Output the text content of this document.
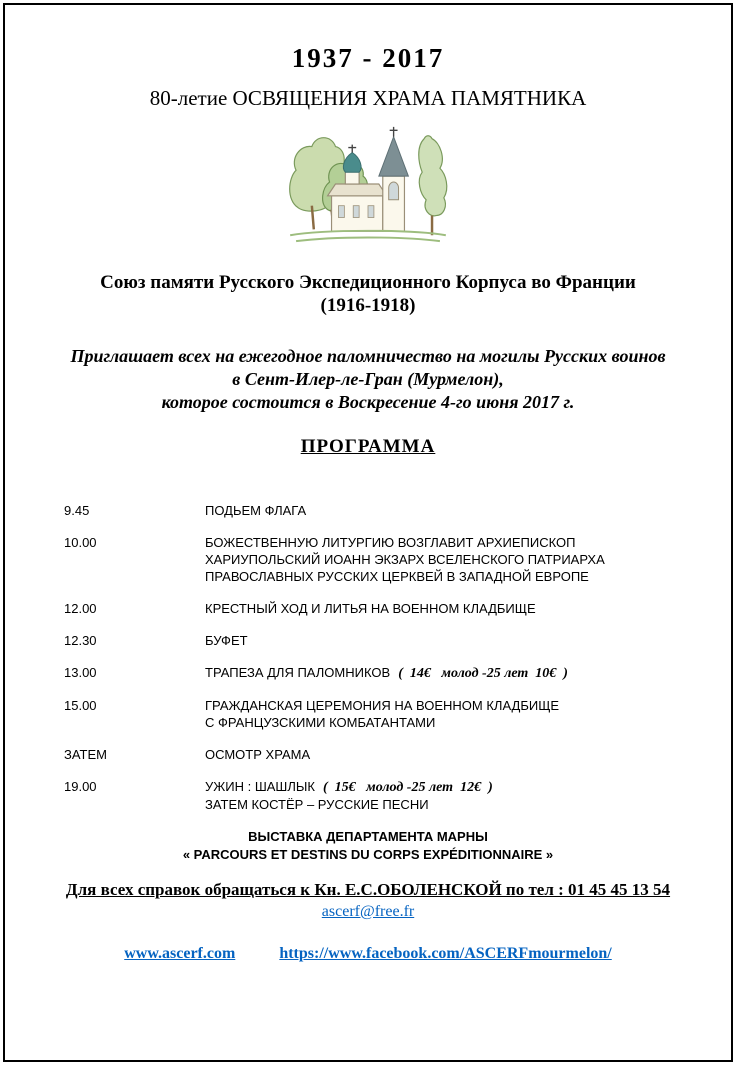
1937 - 2017
80-летие ОСВЯЩЕНИЯ ХРАМА ПАМЯТНИКА
Союз памяти Русского Экспедиционного Корпуса во Франции
(1916-1918)
Приглашает всех на ежегодное паломничество на могилы Русских воинов
в Сент-Илер-ле-Гран (Мурмелон),
которое состоится в Воскресение 4-го июня 2017 г.
ПРОГРАММА
9.45	ПОДЬЕМ ФЛАГА
10.00	БОЖЕСТВЕННУЮ ЛИТУРГИЮ ВОЗГЛАВИТ АРХИЕПИСКОП
ХАРИУПОЛЬСКИЙ ИОАНН ЭКЗАРХ ВСЕЛЕНСКОГО ПАТРИАРХА
ПРАВОСЛАВНЫХ РУССКИХ ЦЕРКВЕЙ В ЗАПАДНОЙ ЕВРОПЕ
12.00	КРЕСТНЫЙ ХОД И ЛИТЬЯ НА ВОЕННОМ КЛАДБИЩЕ
12.30	БУФЕТ
13.00	ТРАПЕЗА ДЛЯ ПАЛОМНИКОВ (  14€   молод -25 лет  10€  )
15.00	ГРАЖДАНСКАЯ ЦЕРЕМОНИЯ НА ВОЕННОМ КЛАДБИЩЕ
С ФРАНЦУЗСКИМИ КОМБАТАНТАМИ
ЗАТЕМ	ОСМОТР ХРАМА
19.00	УЖИН : ШАШЛЫК (  15€   молод -25 лет  12€  )
ЗАТЕМ КОСТЁР – РУССКИЕ ПЕСНИ
ВЫСТАВКА ДЕПАРТАМЕНТА МАРНЫ
« PARCOURS ET DESTINS DU CORPS EXPÉDITIONNAIRE »
Для всех справок обращаться к Кн. Е.С.ОБОЛЕНСКОЙ по тел : 01 45 45 13 54
ascerf@free.fr
www.ascerf.com	https://www.facebook.com/ASCERFmourmelon/
